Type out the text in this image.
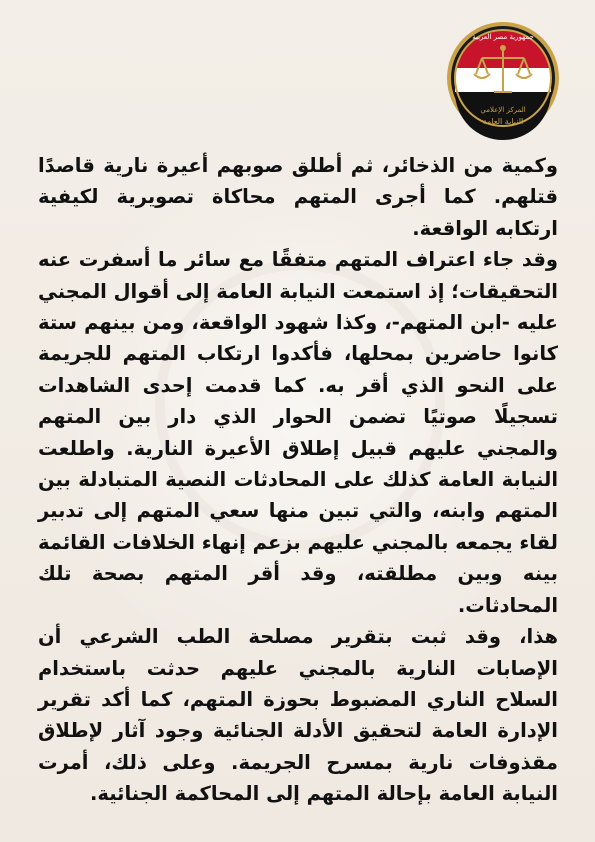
المركز الإعلامي
النيابة العامة
جمهورية مصر العربية

وكمية من الذخائر، ثم أطلق صوبهم أعيرة نارية قاصدًا قتلهم. كما أجرى المتهم محاكاة تصويرية لكيفية ارتكابه الواقعة.

وقد جاء اعتراف المتهم متفقًا مع سائر ما أسفرت عنه التحقيقات؛ إذ استمعت النيابة العامة إلى أقوال المجني عليه -ابن المتهم-، وكذا شهود الواقعة، ومن بينهم ستة كانوا حاضرين بمحلها، فأكدوا ارتكاب المتهم للجريمة على النحو الذي أقر به. كما قدمت إحدى الشاهدات تسجيلًا صوتيًا تضمن الحوار الذي دار بين المتهم والمجني عليهم قبيل إطلاق الأعيرة النارية. واطلعت النيابة العامة كذلك على المحادثات النصية المتبادلة بين المتهم وابنه، والتي تبين منها سعي المتهم إلى تدبير لقاء يجمعه بالمجني عليهم بزعم إنهاء الخلافات القائمة بينه وبين مطلقته، وقد أقر المتهم بصحة تلك المحادثات.

هذا، وقد ثبت بتقرير مصلحة الطب الشرعي أن الإصابات النارية بالمجني عليهم حدثت باستخدام السلاح الناري المضبوط بحوزة المتهم، كما أكد تقرير الإدارة العامة لتحقيق الأدلة الجنائية وجود آثار لإطلاق مقذوفات نارية بمسرح الجريمة. وعلى ذلك، أمرت النيابة العامة بإحالة المتهم إلى المحاكمة الجنائية.
